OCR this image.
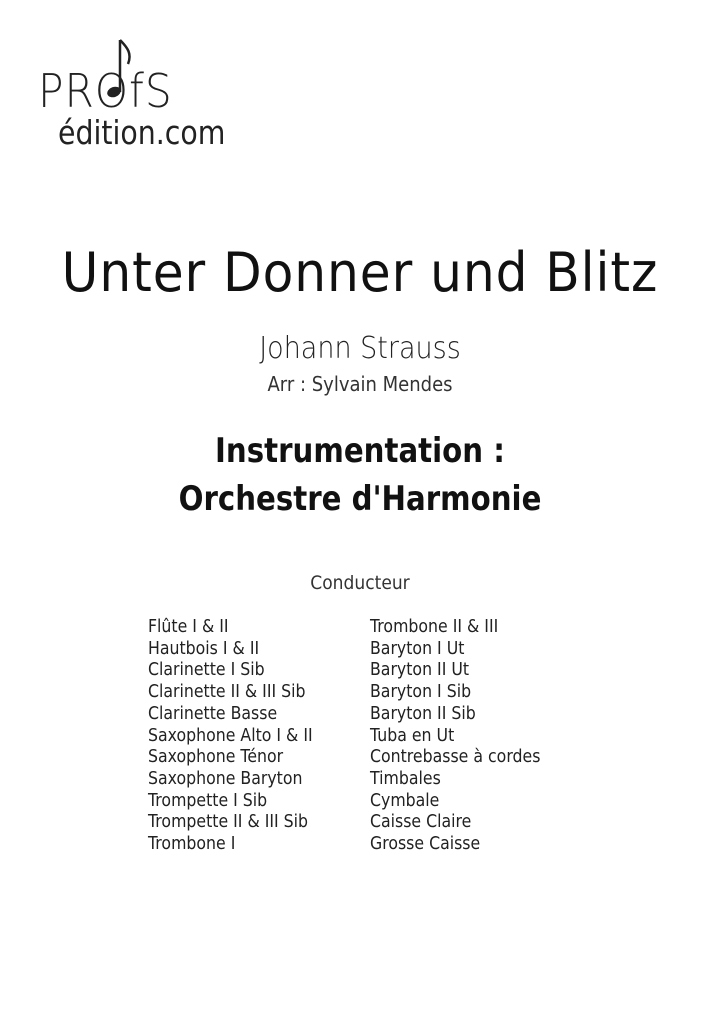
PROfS
édition.com
Unter Donner und Blitz
Johann Strauss
Arr : Sylvain Mendes
Instrumentation :
Orchestre d'Harmonie
Conducteur
Flûte I & II
Hautbois I & II
Clarinette I Sib
Clarinette II & III Sib
Clarinette Basse
Saxophone Alto I & II
Saxophone Ténor
Saxophone Baryton
Trompette I Sib
Trompette II & III Sib
Trombone I
Trombone II & III
Baryton I Ut
Baryton II Ut
Baryton I Sib
Baryton II Sib
Tuba en Ut
Contrebasse à cordes
Timbales
Cymbale
Caisse Claire
Grosse Caisse
